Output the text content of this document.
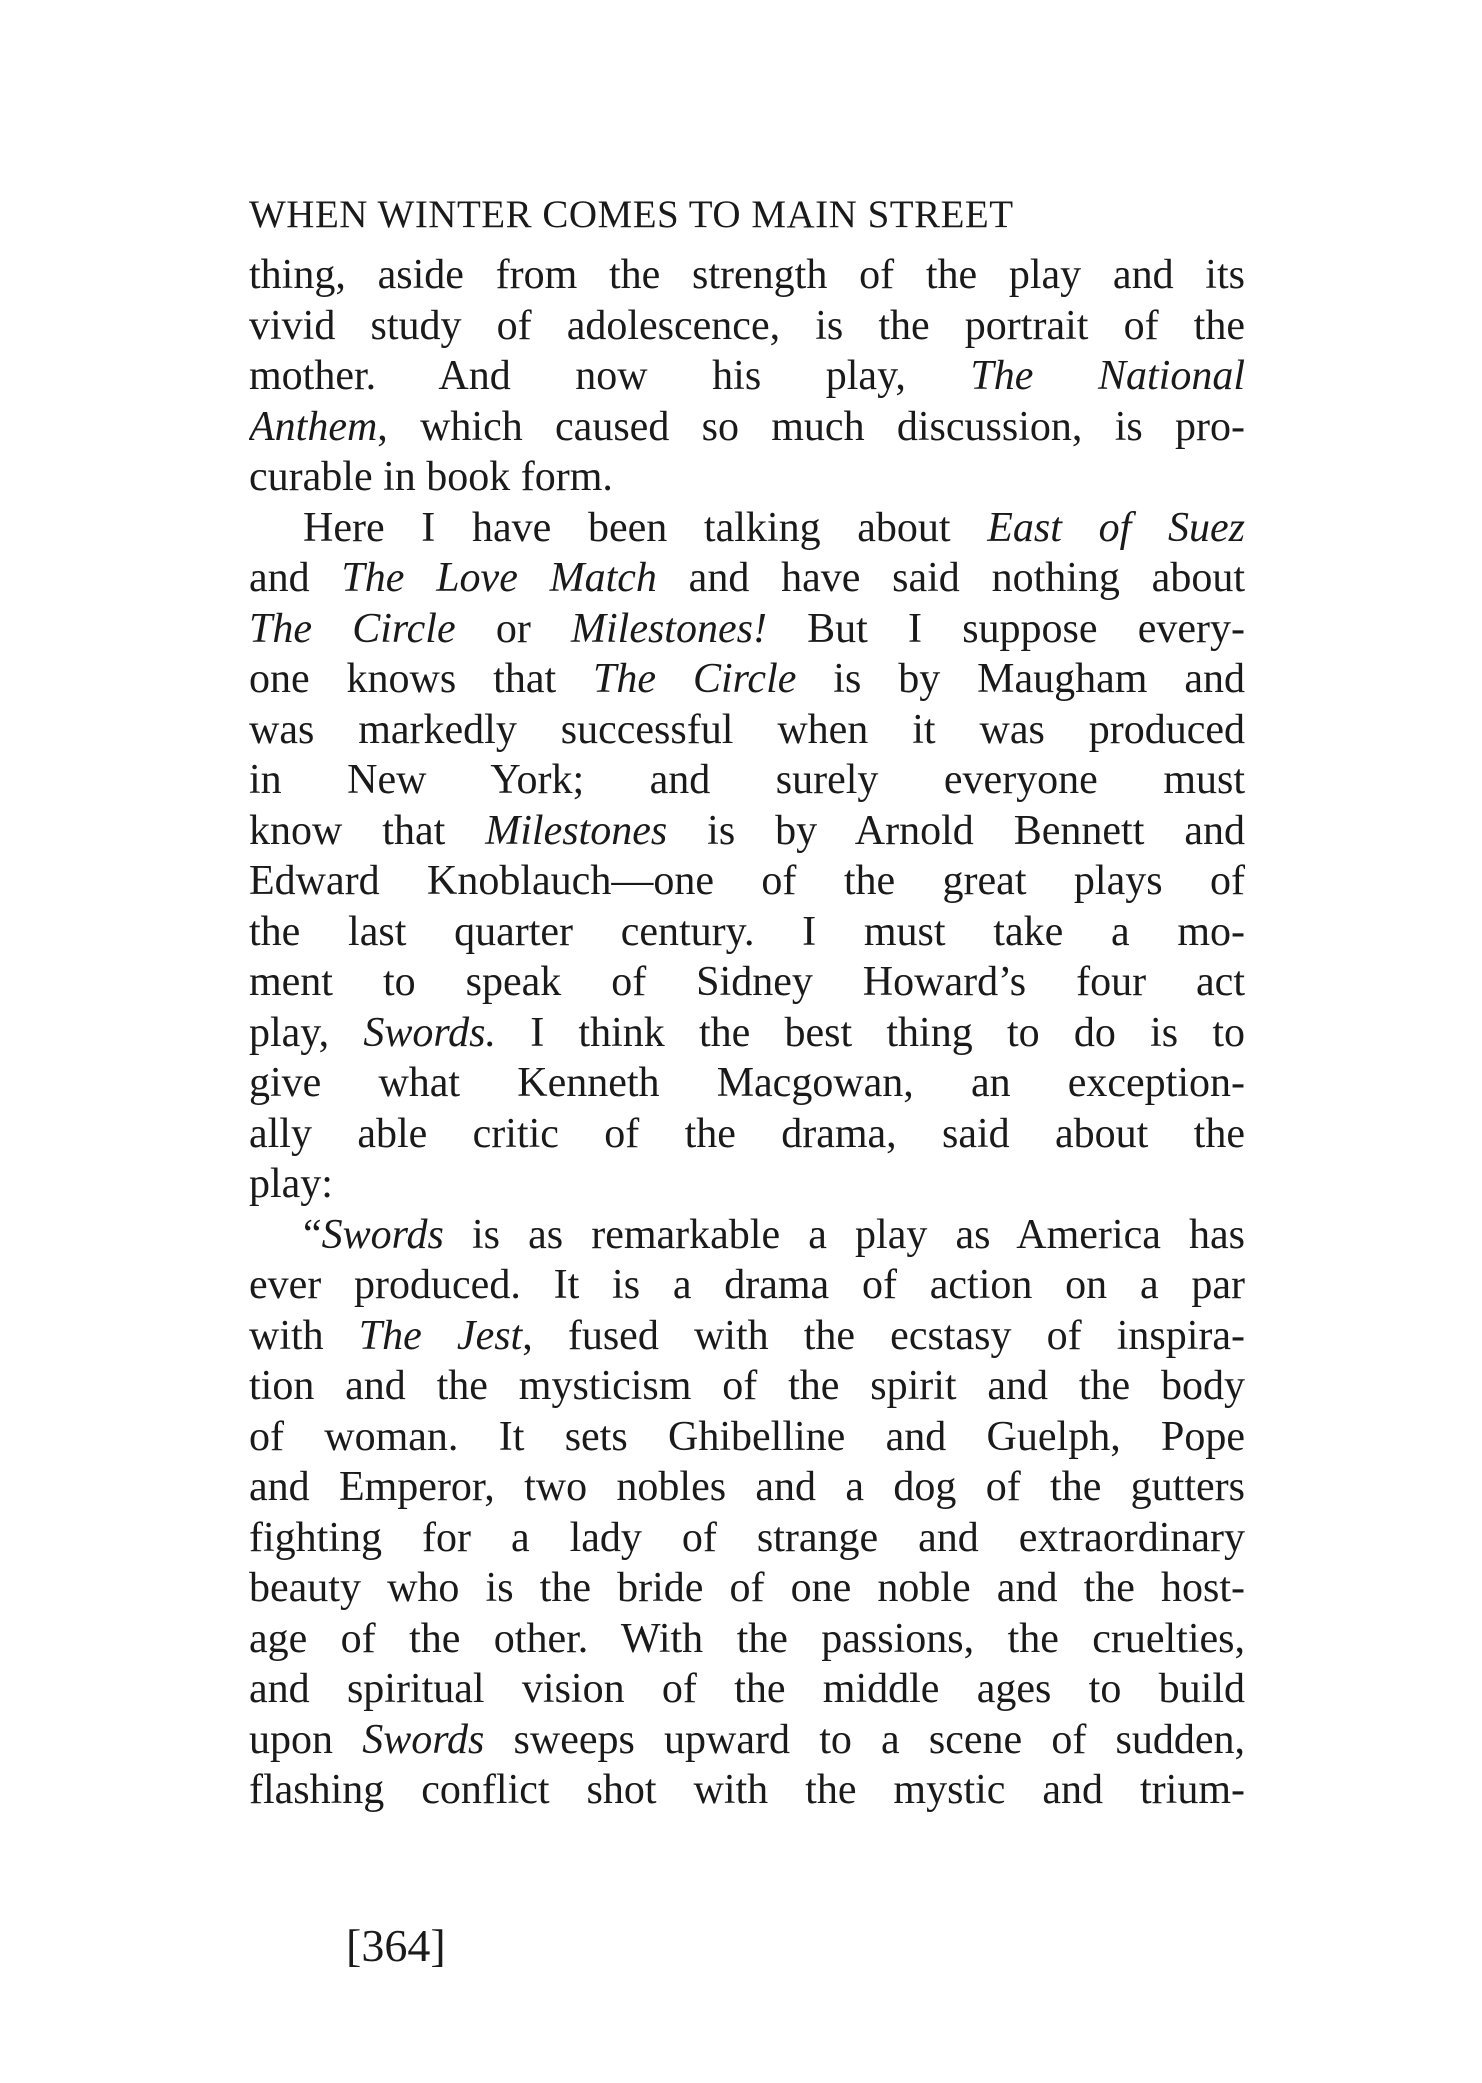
WHEN WINTER COMES TO MAIN STREET
thing, aside from the strength of the play and its
vivid study of adolescence, is the portrait of the
mother. And now his play, The National
Anthem, which caused so much discussion, is pro-
curable in book form.
Here I have been talking about East of Suez
and The Love Match and have said nothing about
The Circle or Milestones! But I suppose every-
one knows that The Circle is by Maugham and
was markedly successful when it was produced
in New York; and surely everyone must
know that Milestones is by Arnold Bennett and
Edward Knoblauch—one of the great plays of
the last quarter century. I must take a mo-
ment to speak of Sidney Howard’s four act
play, Swords. I think the best thing to do is to
give what Kenneth Macgowan, an exception-
ally able critic of the drama, said about the
play:
“Swords is as remarkable a play as America has
ever produced. It is a drama of action on a par
with The Jest, fused with the ecstasy of inspira-
tion and the mysticism of the spirit and the body
of woman. It sets Ghibelline and Guelph, Pope
and Emperor, two nobles and a dog of the gutters
fighting for a lady of strange and extraordinary
beauty who is the bride of one noble and the host-
age of the other. With the passions, the cruelties,
and spiritual vision of the middle ages to build
upon Swords sweeps upward to a scene of sudden,
flashing conflict shot with the mystic and trium-
[364]
